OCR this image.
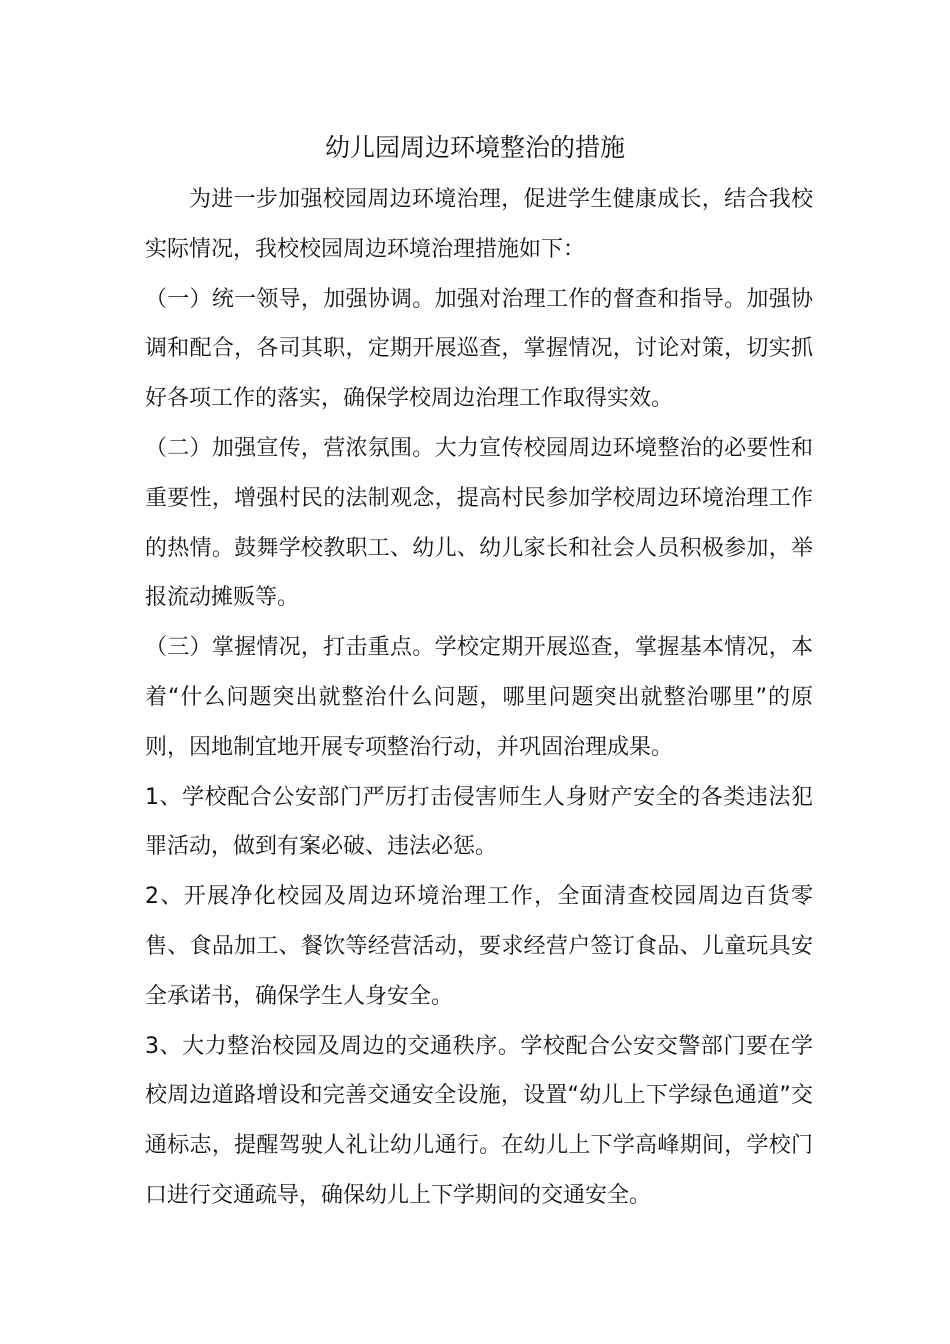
幼儿园周边环境整治的措施

为进一步加强校园周边环境治理，促进学生健康成长，结合我校实际情况，我校校园周边环境治理措施如下：

（一）统一领导，加强协调。加强对治理工作的督查和指导。加强协调和配合，各司其职，定期开展巡查，掌握情况，讨论对策，切实抓好各项工作的落实，确保学校周边治理工作取得实效。

（二）加强宣传，营浓氛围。大力宣传校园周边环境整治的必要性和重要性，增强村民的法制观念，提高村民参加学校周边环境治理工作的热情。鼓舞学校教职工、幼儿、幼儿家长和社会人员积极参加，举报流动摊贩等。

（三）掌握情况，打击重点。学校定期开展巡查，掌握基本情况，本着“什么问题突出就整治什么问题，哪里问题突出就整治哪里”的原则，因地制宜地开展专项整治行动，并巩固治理成果。

1、学校配合公安部门严厉打击侵害师生人身财产安全的各类违法犯罪活动，做到有案必破、违法必惩。

2、开展净化校园及周边环境治理工作，全面清查校园周边百货零售、食品加工、餐饮等经营活动，要求经营户签订食品、儿童玩具安全承诺书，确保学生人身安全。

3、大力整治校园及周边的交通秩序。学校配合公安交警部门要在学校周边道路增设和完善交通安全设施，设置“幼儿上下学绿色通道”交通标志，提醒驾驶人礼让幼儿通行。在幼儿上下学高峰期间，学校门口进行交通疏导，确保幼儿上下学期间的交通安全。
